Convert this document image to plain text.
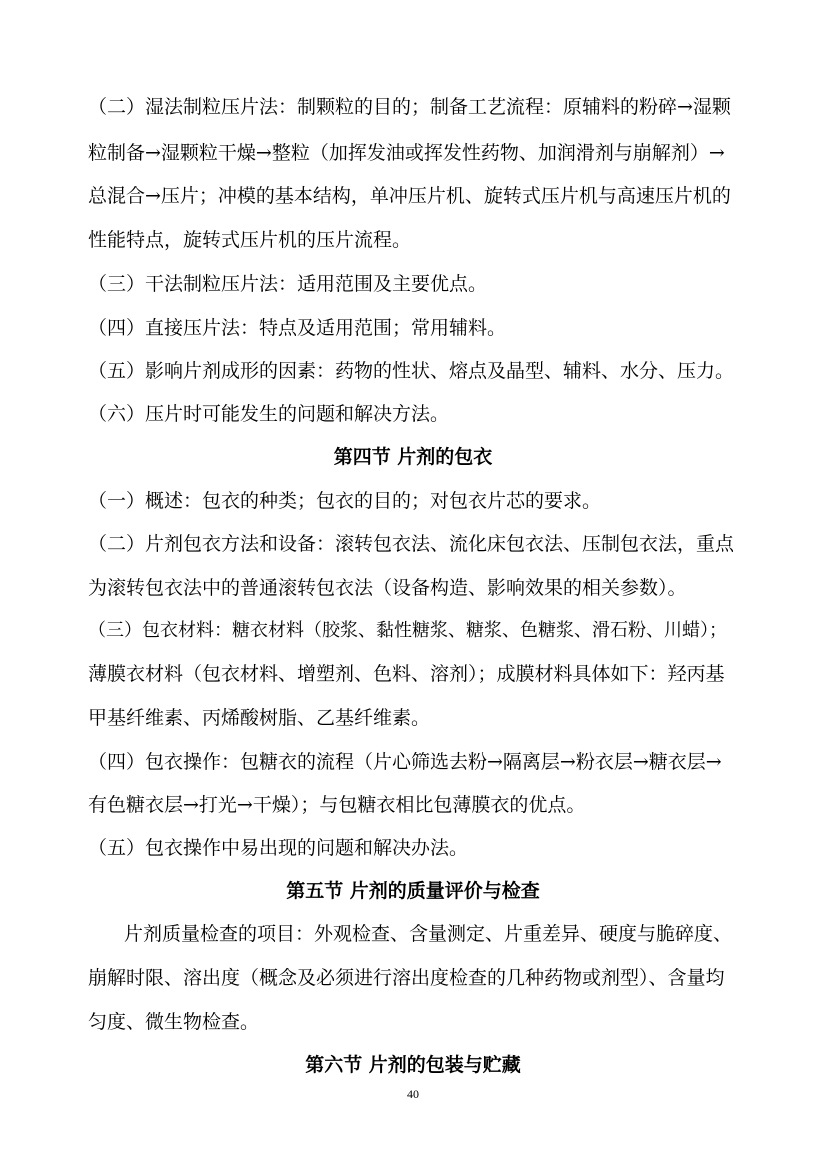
（二）湿法制粒压片法：制颗粒的目的；制备工艺流程：原辅料的粉碎→湿颗
粒制备→湿颗粒干燥→整粒（加挥发油或挥发性药物、加润滑剂与崩解剂）→
总混合→压片；冲模的基本结构，单冲压片机、旋转式压片机与高速压片机的
性能特点，旋转式压片机的压片流程。
（三）干法制粒压片法：适用范围及主要优点。
（四）直接压片法：特点及适用范围；常用辅料。
（五）影响片剂成形的因素：药物的性状、熔点及晶型、辅料、水分、压力。
（六）压片时可能发生的问题和解决方法。
第四节 片剂的包衣
（一）概述：包衣的种类；包衣的目的；对包衣片芯的要求。
（二）片剂包衣方法和设备：滚转包衣法、流化床包衣法、压制包衣法，重点
为滚转包衣法中的普通滚转包衣法（设备构造、影响效果的相关参数）。
（三）包衣材料：糖衣材料（胶浆、黏性糖浆、糖浆、色糖浆、滑石粉、川蜡）；
薄膜衣材料（包衣材料、增塑剂、色料、溶剂）；成膜材料具体如下：羟丙基
甲基纤维素、丙烯酸树脂、乙基纤维素。
（四）包衣操作：包糖衣的流程（片心筛选去粉→隔离层→粉衣层→糖衣层→
有色糖衣层→打光→干燥）；与包糖衣相比包薄膜衣的优点。
（五）包衣操作中易出现的问题和解决办法。
第五节 片剂的质量评价与检查
片剂质量检查的项目：外观检查、含量测定、片重差异、硬度与脆碎度、
崩解时限、溶出度（概念及必须进行溶出度检查的几种药物或剂型）、含量均
匀度、微生物检查。
第六节 片剂的包装与贮藏
40
